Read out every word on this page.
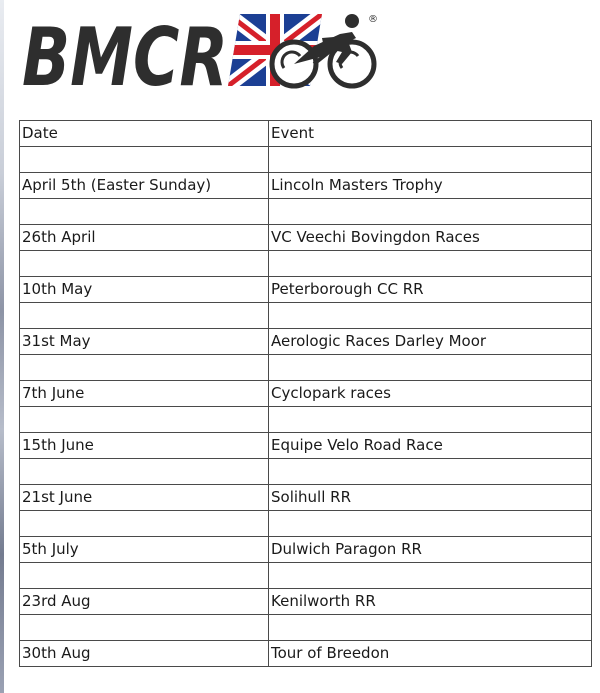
BMCR	®
Date	Event

April 5th (Easter Sunday)	Lincoln Masters Trophy

26th April	VC Veechi Bovingdon Races

10th May	Peterborough CC RR

31st May	Aerologic Races Darley Moor

7th June	Cyclopark races

15th June	Equipe Velo Road Race

21st June	Solihull RR

5th July	Dulwich Paragon RR

23rd Aug	Kenilworth RR

30th Aug	Tour of Breedon
